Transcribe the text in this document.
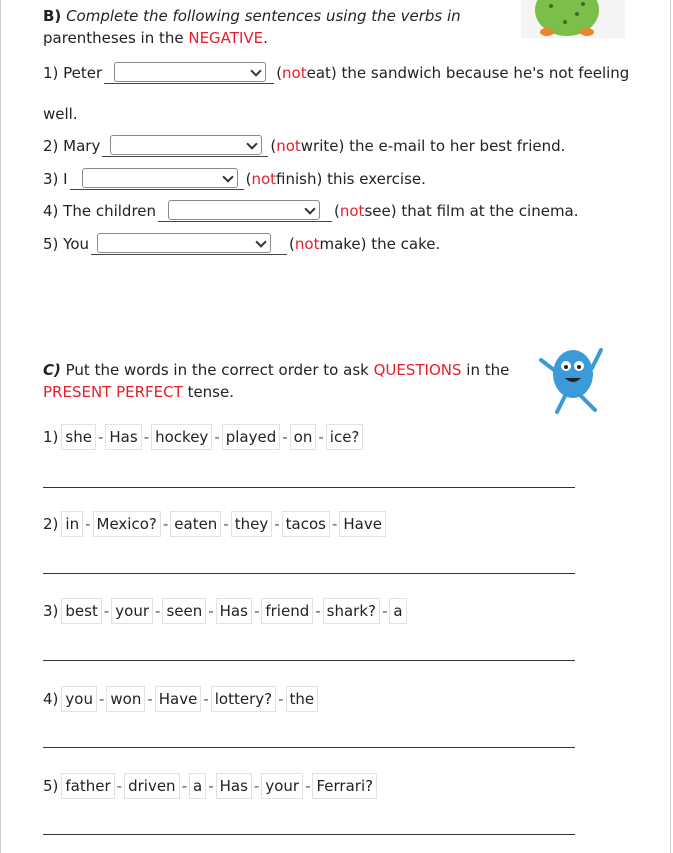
B) Complete the following sentences using the verbs in
parentheses in the NEGATIVE.
1) Peter	( not eat) the sandwich because he's not feeling
well.
2) Mary	( not write) the e-mail to her best friend.
3) I	( not finish) this exercise.
4) The children	( not see) that film at the cinema.
5) You	( not make) the cake.
C) Put the words in the correct order to ask QUESTIONS in the
PRESENT PERFECT tense.
1) she - Has - hockey - played - on - ice?
2) in - Mexico? - eaten - they - tacos - Have
3) best - your - seen - Has - friend - shark? - a
4) you - won - Have - lottery? - the
5) father - driven - a - Has - your - Ferrari?
